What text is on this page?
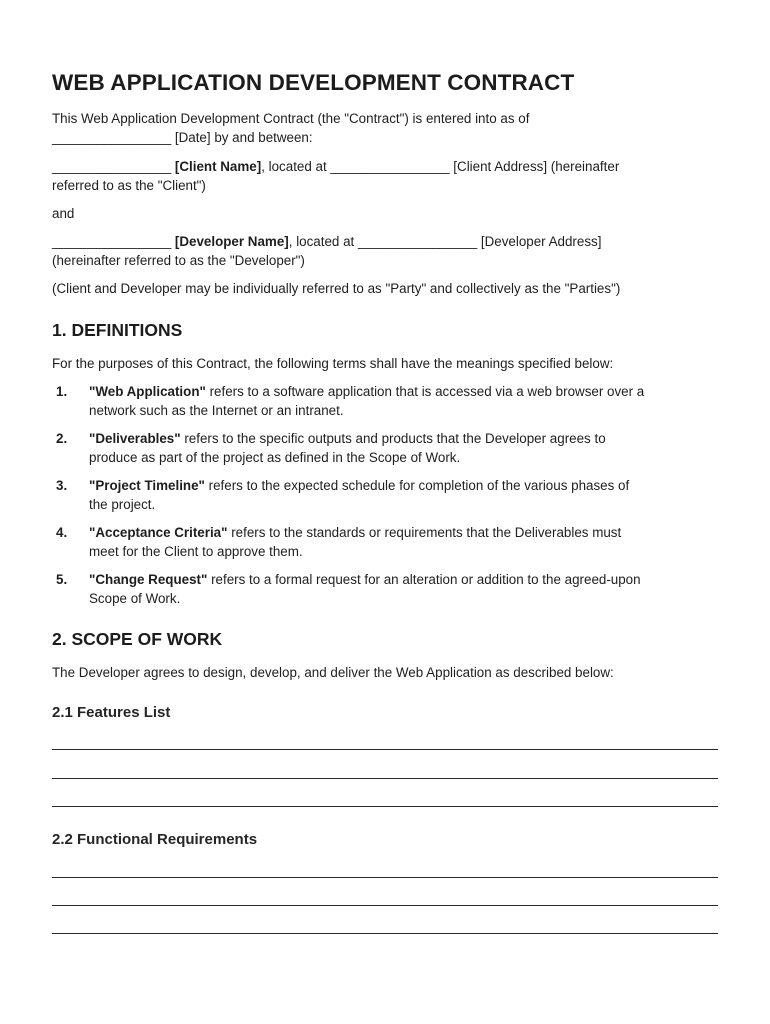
WEB APPLICATION DEVELOPMENT CONTRACT
This Web Application Development Contract (the "Contract") is entered into as of
________________ [Date] by and between:
________________ [Client Name], located at ________________ [Client Address] (hereinafter
referred to as the "Client")
and
________________ [Developer Name], located at ________________ [Developer Address]
(hereinafter referred to as the "Developer")
(Client and Developer may be individually referred to as "Party" and collectively as the "Parties")
1. DEFINITIONS
For the purposes of this Contract, the following terms shall have the meanings specified below:
1. "Web Application" refers to a software application that is accessed via a web browser over a
network such as the Internet or an intranet.
2. "Deliverables" refers to the specific outputs and products that the Developer agrees to
produce as part of the project as defined in the Scope of Work.
3. "Project Timeline" refers to the expected schedule for completion of the various phases of
the project.
4. "Acceptance Criteria" refers to the standards or requirements that the Deliverables must
meet for the Client to approve them.
5. "Change Request" refers to a formal request for an alteration or addition to the agreed-upon
Scope of Work.
2. SCOPE OF WORK
The Developer agrees to design, develop, and deliver the Web Application as described below:
2.1 Features List
2.2 Functional Requirements
